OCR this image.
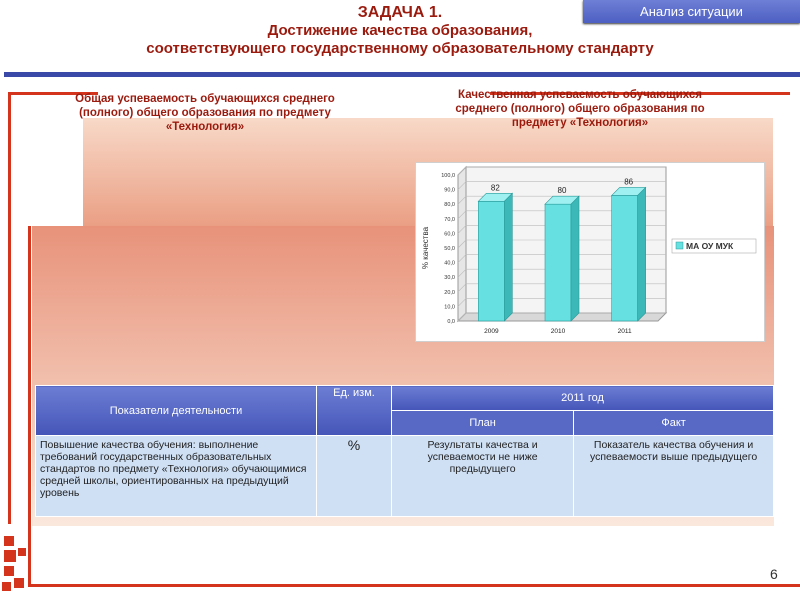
ЗАДАЧА 1.
Достижение качества образования,
соответствующего государственному образовательному стандарту
Анализ ситуации
Общая успеваемость обучающихся среднего (полного) общего образования по предмету «Технология»
Качественная успеваемость обучающихся среднего (полного) общего образования по предмету «Технология»
0,0
10,0
20,0
30,0
40,0
50,0
60,0
70,0
80,0
90,0
100,0
% качества
82
2009
80
2010
86
2011
МА ОУ МУК
Показатели деятельности	Ед. изм.	2011 год	
		План	Факт
Повышение качества обучения: выполнение требований государственных образовательных стандартов по предмету «Технология» обучающимися средней школы, ориентированных на предыдущий уровень	%	Результаты качества и успеваемости не ниже предыдущего	Показатель качества обучения и успеваемости выше предыдущего
6
